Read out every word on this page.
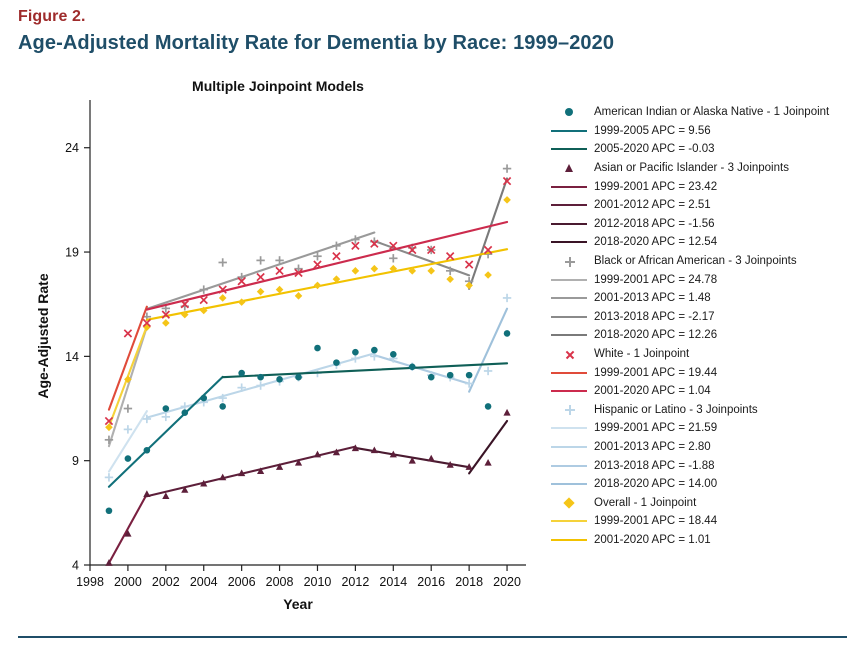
Figure 2.
Age-Adjusted Mortality Rate for Dementia by Race: 1999–2020
Multiple Joinpoint Models
4
9
14
19
24
1998 2000 2002 2004 2006 2008 2010 2012 2014 2016 2018 2020
Age-Adjusted Rate
Year
American Indian or Alaska Native - 1 Joinpoint
1999-2005 APC = 9.56
2005-2020 APC = -0.03
Asian or Pacific Islander - 3 Joinpoints
1999-2001 APC = 23.42
2001-2012 APC = 2.51
2012-2018 APC = -1.56
2018-2020 APC = 12.54
Black or African American - 3 Joinpoints
1999-2001 APC = 24.78
2001-2013 APC = 1.48
2013-2018 APC = -2.17
2018-2020 APC = 12.26
White - 1 Joinpoint
1999-2001 APC = 19.44
2001-2020 APC = 1.04
Hispanic or Latino - 3 Joinpoints
1999-2001 APC = 21.59
2001-2013 APC = 2.80
2013-2018 APC = -1.88
2018-2020 APC = 14.00
Overall - 1 Joinpoint
1999-2001 APC = 18.44
2001-2020 APC = 1.01
